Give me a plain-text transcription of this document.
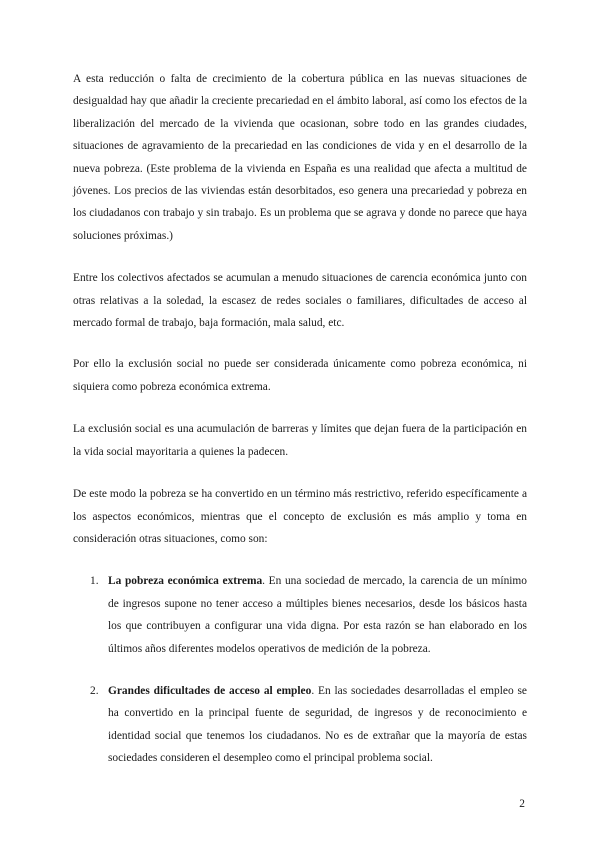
A esta reducción o falta de crecimiento de la cobertura pública en las nuevas situaciones de desigualdad hay que añadir la creciente precariedad en el ámbito laboral, así como los efectos de la liberalización del mercado de la vivienda que ocasionan, sobre todo en las grandes ciudades, situaciones de agravamiento de la precariedad en las condiciones de vida y en el desarrollo de la nueva pobreza. (Este problema de la vivienda en España es una realidad que afecta a multitud de jóvenes. Los precios de las viviendas están desorbitados, eso genera una precariedad y pobreza en los ciudadanos con trabajo y sin trabajo. Es un problema que se agrava y donde no parece que haya soluciones próximas.)

Entre los colectivos afectados se acumulan a menudo situaciones de carencia económica junto con otras relativas a la soledad, la escasez de redes sociales o familiares, dificultades de acceso al mercado formal de trabajo, baja formación, mala salud, etc.

Por ello la exclusión social no puede ser considerada únicamente como pobreza económica, ni siquiera como pobreza económica extrema.

La exclusión social es una acumulación de barreras y límites que dejan fuera de la participación en la vida social mayoritaria a quienes la padecen.

De este modo la pobreza se ha convertido en un término más restrictivo, referido específicamente a los aspectos económicos, mientras que el concepto de exclusión es más amplio y toma en consideración otras situaciones, como son:

1. La pobreza económica extrema. En una sociedad de mercado, la carencia de un mínimo de ingresos supone no tener acceso a múltiples bienes necesarios, desde los básicos hasta los que contribuyen a configurar una vida digna. Por esta razón se han elaborado en los últimos años diferentes modelos operativos de medición de la pobreza.
2. Grandes dificultades de acceso al empleo. En las sociedades desarrolladas el empleo se ha convertido en la principal fuente de seguridad, de ingresos y de reconocimiento e identidad social que tenemos los ciudadanos. No es de extrañar que la mayoría de estas sociedades consideren el desempleo como el principal problema social.
2
